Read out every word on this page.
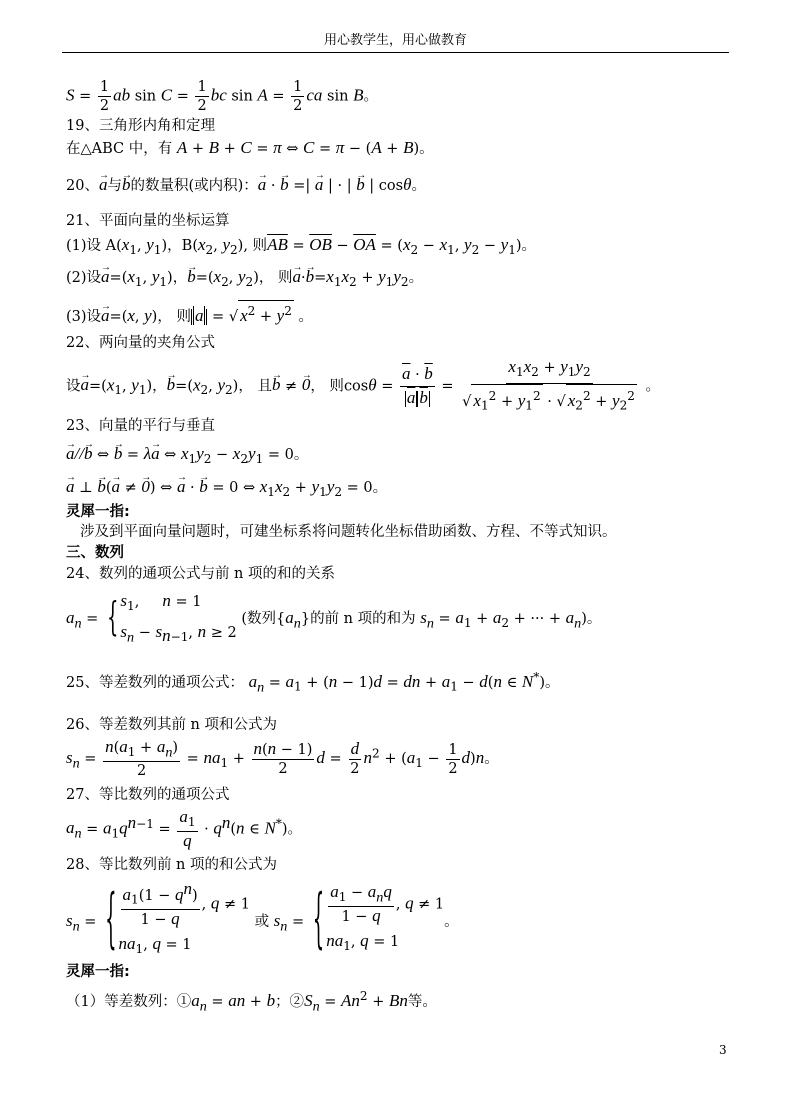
用心教学生，用心做教育
$S = \frac{1}{2}$ ab $\sin C = \frac{1}{2}$ bc $\sin A = \frac{1}{2}$ ca sin B。
19、三角形内角和定理
在△ABC 中，有 A + B + C = π ⇔ C = π − (A + B)。
20、→ a与→ b的数量积(或内积)：→ a · → b =| → a | · | → b | cosθ。
21、平面向量的坐标运算
(1)设 $A(x_1$, $y_1$)，$B(x_2$, $y_2$), 则$\overline{AB} = \overline{OB} - \overline{OA} = (x_2 - x_1$, $y_2 - y_1$)。
(2)设→ $a=(x_1$, $y_1$)，→ $b=(x_2$, $y_2$)， 则→ $a\cdot\to b=x_1x_2 + y_1y_2$。
(3)设→ a=(x, y)， 则 a = √ $x^2 + y^2$ 。
22、两向量的夹角公式
设→ $a=(x_1$, $y_1$)，→ $b=(x_2$, $y_2$)， 且→ b ≠ → 0， 则$\cos\theta = \frac{\overline{a} \cdot \overline{b}}{\overline{a} \overline{b}} = \frac{x_1x_2 + y_1y_2}{√ x_1^2 + y_1^2 \cdot √ x_2^2 + y_2^2}$ 。
23、向量的平行与垂直
→ a//→ b ⇔ → b = λ→ a ⇔ $x_1y_2 - x_2y_1 = 0$。
→ a ⊥ → b(→ a ≠ → 0) ⇔ → a · → b = 0 ⇔ $x_1x_2 + y_1y_2 = 0$。
灵犀一指:
涉及到平面向量问题时，可建坐标系将问题转化坐标借助函数、方程、不等式知识。
三、数列
24、数列的通项公式与前 n 项的和的关系
$a_n$ = { $s_1$,     n = 1
$s_n - s_{n-1}$, n ≥ 2
(数列$\{a_n\}$的前 n 项的和为 $s_n = a_1 + a_2$ + ··· + $a_n$)。
25、等差数列的通项公式： $a_n = a_1 + (n - 1)d$ = dn + $a_1 - d(n$ ∈ N*)。
26、等差数列其前 n 项和公式为
$s_n = \frac{n(a_1 + a_n)}{2} = na_1 + \frac{n(n - 1)}{2}$ $d = \frac{d}{2} n^2 + (a_1 - \frac{1}{2} d)n$。
27、等比数列的通项公式
$a_n = a_1q^{n-1} = \frac{a_1}{q} \cdot q^n(n$ ∈ N*)。
28、等比数列前 n 项的和公式为
$s_n$ = { $\frac{a_1(1 - q^n)}{1 - q}$ , q ≠ 1
$na_1$, q = 1
或 $s_n$ = { $\frac{a_1 - a_nq}{1 - q}$ , q ≠ 1
$na_1$, q = 1
。
灵犀一指:
（1）等差数列：$①a_n$ = an + b；$②S_n = An^2 + Bn$等。
3
